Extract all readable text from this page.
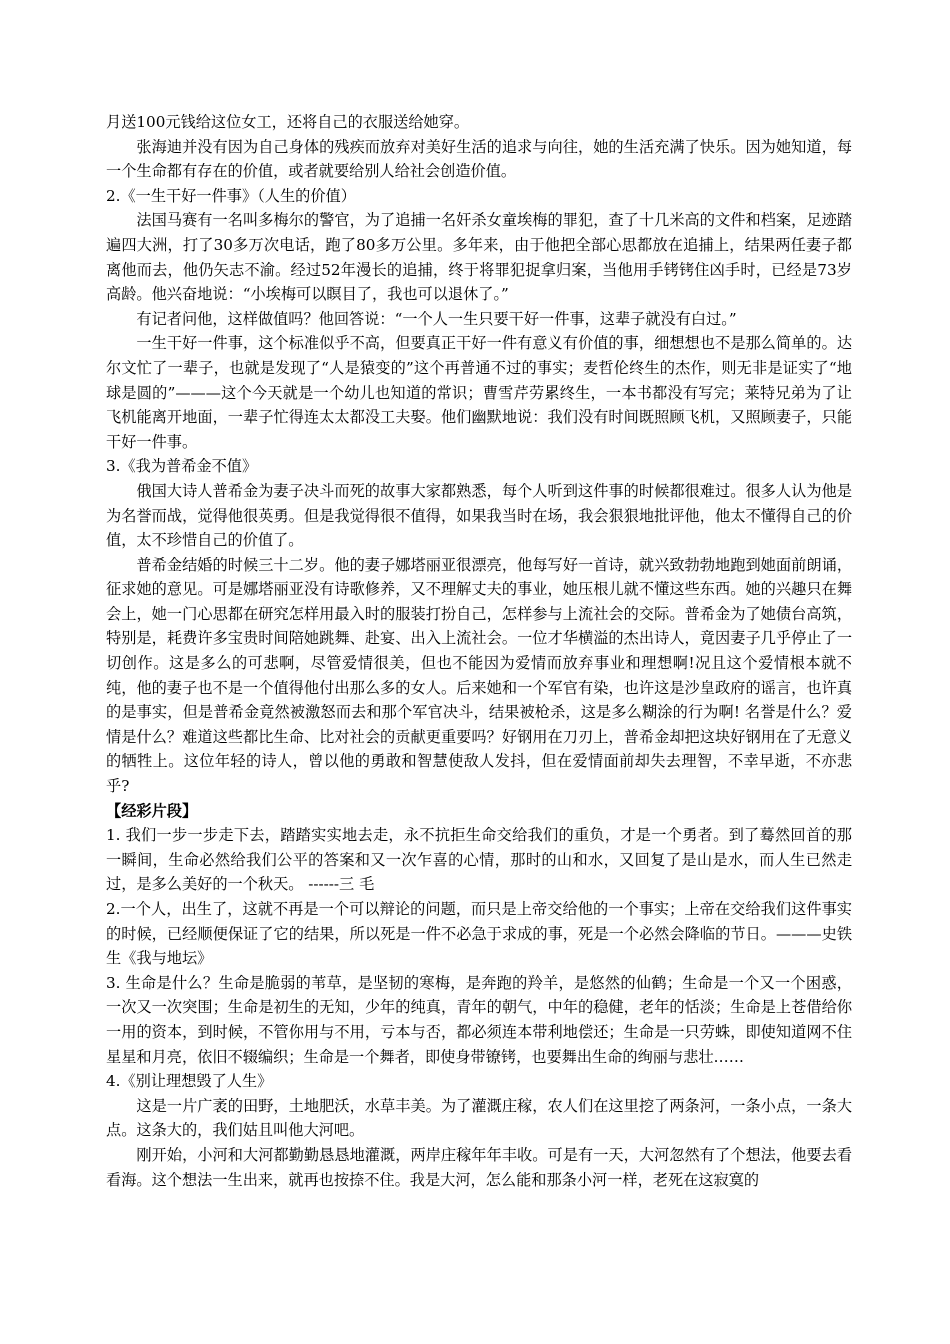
月送100元钱给这位女工，还将自己的衣服送给她穿。

张海迪并没有因为自己身体的残疾而放弃对美好生活的追求与向往，她的生活充满了快乐。因为她知道，每一个生命都有存在的价值，或者就要给别人给社会创造价值。

2.《一生干好一件事》（人生的价值）

法国马赛有一名叫多梅尔的警官，为了追捕一名奸杀女童埃梅的罪犯，查了十几米高的文件和档案，足迹踏遍四大洲，打了30多万次电话，跑了80多万公里。多年来，由于他把全部心思都放在追捕上，结果两任妻子都离他而去，他仍矢志不渝。经过52年漫长的追捕，终于将罪犯捉拿归案，当他用手铐铐住凶手时，已经是73岁高龄。他兴奋地说：“小埃梅可以瞑目了，我也可以退休了。”

有记者问他，这样做值吗？他回答说：“一个人一生只要干好一件事，这辈子就没有白过。”

一生干好一件事，这个标准似乎不高，但要真正干好一件有意义有价值的事，细想想也不是那么简单的。达尔文忙了一辈子，也就是发现了“人是猿变的”这个再普通不过的事实；麦哲伦终生的杰作，则无非是证实了“地球是圆的”———这个今天就是一个幼儿也知道的常识；曹雪芹劳累终生，一本书都没有写完；莱特兄弟为了让飞机能离开地面，一辈子忙得连太太都没工夫娶。他们幽默地说：我们没有时间既照顾飞机，又照顾妻子，只能干好一件事。

3.《我为普希金不值》

俄国大诗人普希金为妻子决斗而死的故事大家都熟悉，每个人听到这件事的时候都很难过。很多人认为他是为名誉而战，觉得他很英勇。但是我觉得很不值得，如果我当时在场，我会狠狠地批评他，他太不懂得自己的价值，太不珍惜自己的价值了。

普希金结婚的时候三十二岁。他的妻子娜塔丽亚很漂亮，他每写好一首诗，就兴致勃勃地跑到她面前朗诵，征求她的意见。可是娜塔丽亚没有诗歌修养，又不理解丈夫的事业，她压根儿就不懂这些东西。她的兴趣只在舞会上，她一门心思都在研究怎样用最入时的服装打扮自己，怎样参与上流社会的交际。普希金为了她债台高筑，特别是，耗费许多宝贵时间陪她跳舞、赴宴、出入上流社会。一位才华横溢的杰出诗人，竟因妻子几乎停止了一切创作。这是多么的可悲啊，尽管爱情很美，但也不能因为爱情而放弃事业和理想啊!况且这个爱情根本就不纯，他的妻子也不是一个值得他付出那么多的女人。后来她和一个军官有染，也许这是沙皇政府的谣言，也许真的是事实，但是普希金竟然被激怒而去和那个军官决斗，结果被枪杀，这是多么糊涂的行为啊! 名誉是什么？爱情是什么？难道这些都比生命、比对社会的贡献更重要吗？好钢用在刀刃上，普希金却把这块好钢用在了无意义的牺牲上。这位年轻的诗人，曾以他的勇敢和智慧使敌人发抖，但在爱情面前却失去理智，不幸早逝，不亦悲乎?

【经彩片段】

1. 我们一步一步走下去，踏踏实实地去走，永不抗拒生命交给我们的重负，才是一个勇者。到了蓦然回首的那一瞬间，生命必然给我们公平的答案和又一次乍喜的心情，那时的山和水，又回复了是山是水，而人生已然走过，是多么美好的一个秋天。 ------三 毛

2.一个人，出生了，这就不再是一个可以辩论的问题，而只是上帝交给他的一个事实；上帝在交给我们这件事实的时候，已经顺便保证了它的结果，所以死是一件不必急于求成的事，死是一个必然会降临的节日。———史铁生《我与地坛》

3. 生命是什么？生命是脆弱的苇草，是坚韧的寒梅，是奔跑的羚羊，是悠然的仙鹤；生命是一个又一个困惑，一次又一次突围；生命是初生的无知，少年的纯真，青年的朝气，中年的稳健，老年的恬淡；生命是上苍借给你一用的资本，到时候，不管你用与不用，亏本与否，都必须连本带利地偿还；生命是一只劳蛛，即使知道网不住星星和月亮，依旧不辍编织；生命是一个舞者，即使身带镣铐，也要舞出生命的绚丽与悲壮……

4.《别让理想毁了人生》

这是一片广袤的田野，土地肥沃，水草丰美。为了灌溉庄稼，农人们在这里挖了两条河，一条小点，一条大点。这条大的，我们姑且叫他大河吧。

刚开始，小河和大河都勤勤恳恳地灌溉，两岸庄稼年年丰收。可是有一天，大河忽然有了个想法，他要去看看海。这个想法一生出来，就再也按捺不住。我是大河，怎么能和那条小河一样，老死在这寂寞的
